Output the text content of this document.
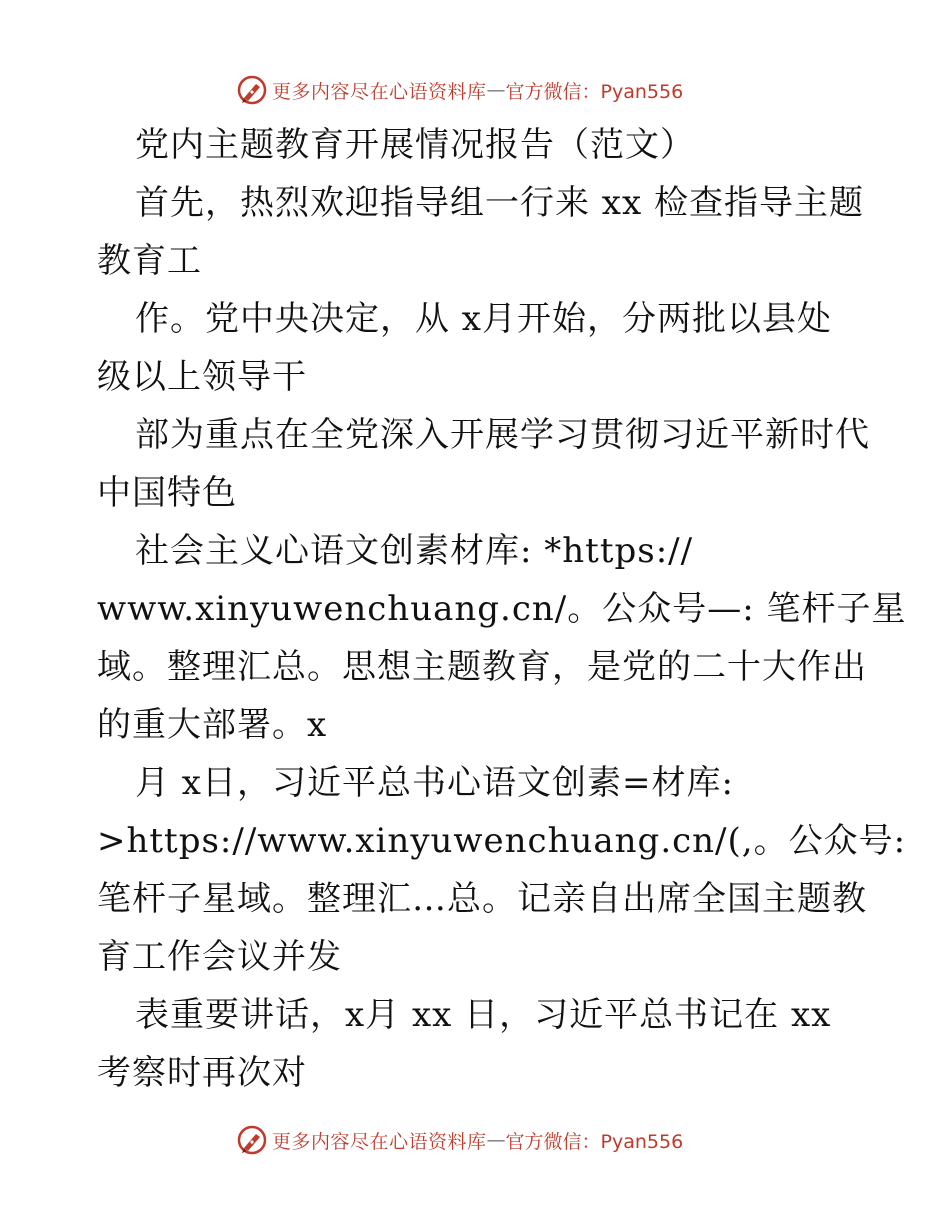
更多内容尽在心语资料库 — 官方微信：Pyan556
党内主题教育开展情况报告（范文）
首先，热烈欢迎指导组一行来 xx 检查指导主题
教育工
作。党中央决定，从 x月开始，分两批以县处
级以上领导干
部为重点在全党深入开展学习贯彻习近平新时代
中国特色
社会主义心语文创素材库: *https://
www.xinyuwenchuang.cn/。公众号—: 笔杆子星
域。整理汇总。思想主题教育，是党的二十大作出
的重大部署。x
月 x日，习近平总书心语文创素=材库:
>https://www.xinyuwenchuang.cn/(,。公众号:
笔杆子星域。整理汇…总。记亲自出席全国主题教
育工作会议并发
表重要讲话，x月 xx 日，习近平总书记在 xx
考察时再次对
更多内容尽在心语资料库 — 官方微信：Pyan556
